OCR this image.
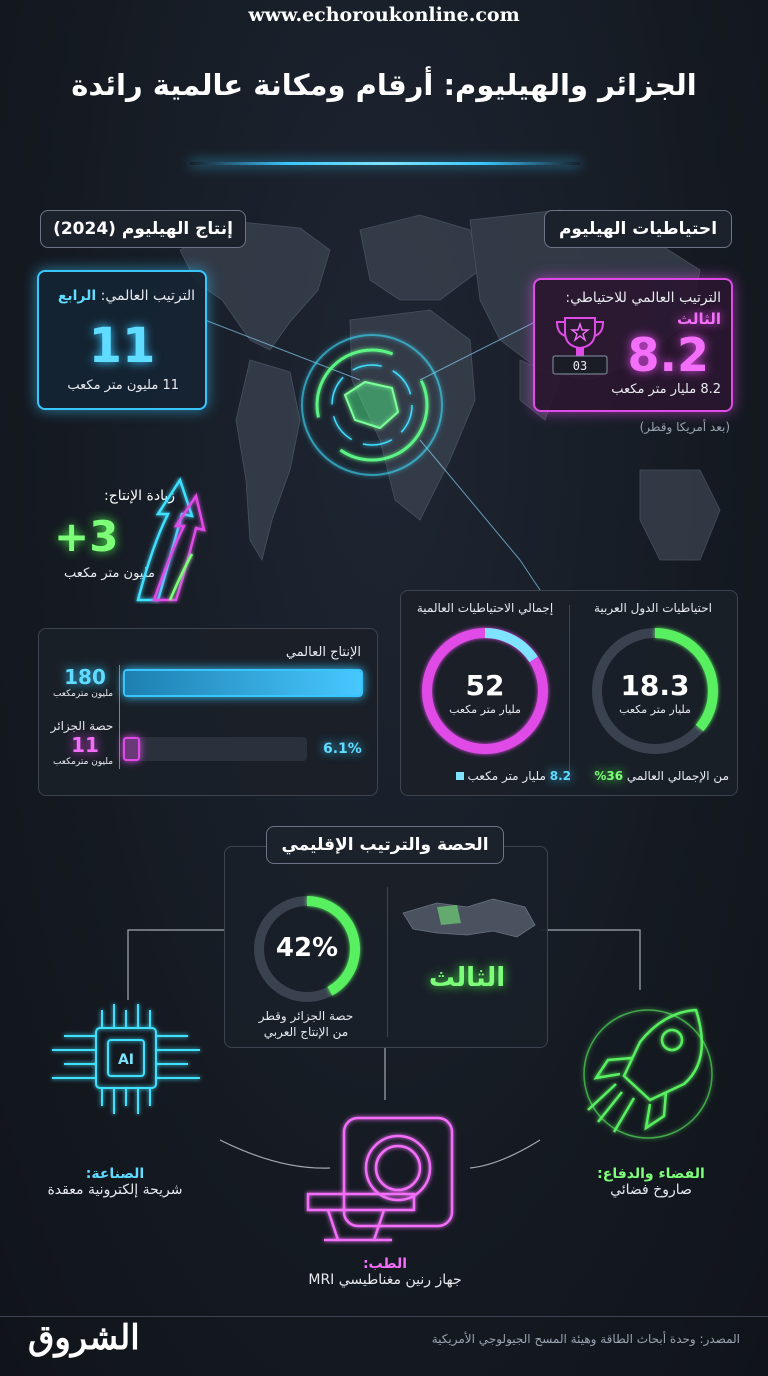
www.echoroukonline.com
الجزائر والهيليوم: أرقام ومكانة عالمية رائدة
إنتاج الهيليوم (2024)	احتياطيات الهيليوم
الترتيب العالمي: الرابع
11
11 مليون متر مكعب
الترتيب العالمي للاحتياطي:
الثالث
8.2
8.2 مليار متر مكعب
03
(بعد أمريكا وقطر)
زيادة الإنتاج:
+3
مليون متر مكعب
الإنتاج العالمي
180
مليون مترمكعب
حصة الجزائر
11
مليون مترمكعب
6.1%
إجمالي الاحتياطيات العالمية	احتياطيات الدول العربية
52
مليار متر مكعب
8.2 مليار متر مكعب
18.3
مليار متر مكعب
من الإجمالي العالمي 36%
42%
حصة الجزائر وقطر
من الإنتاج العربي
الثالث
الحصة والترتيب الإقليمي
AI
الصناعة:
شريحة إلكترونية معقدة
الطب:
جهاز رنين مغناطيسي MRI
الفضاء والدفاع:
صاروخ فضائي
الشروق	المصدر: وحدة أبحاث الطاقة وهيئة المسح الجيولوجي الأمريكية
